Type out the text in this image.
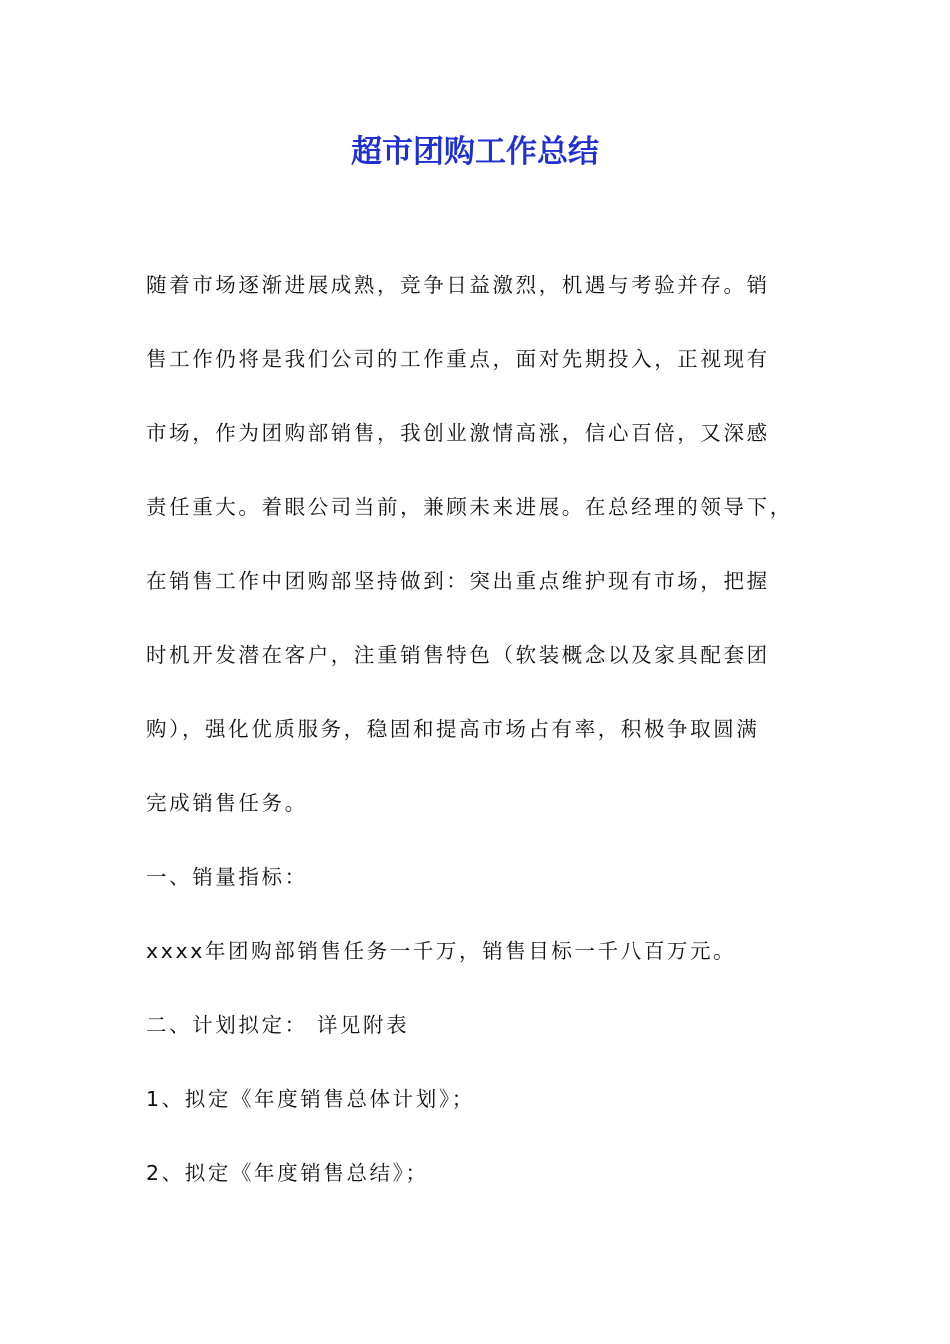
超市团购工作总结
随着市场逐渐进展成熟，竞争日益激烈，机遇与考验并存。销
售工作仍将是我们公司的工作重点，面对先期投入，正视现有
市场，作为团购部销售，我创业激情高涨，信心百倍，又深感
责任重大。着眼公司当前，兼顾未来进展。在总经理的领导下，
在销售工作中团购部坚持做到：突出重点维护现有市场，把握
时机开发潜在客户，注重销售特色（软装概念以及家具配套团
购），强化优质服务，稳固和提高市场占有率，积极争取圆满
完成销售任务。
一、销量指标：
xxxx年团购部销售任务一千万，销售目标一千八百万元。
二、计划拟定： 详见附表
1、拟定《年度销售总体计划》；
2、拟定《年度销售总结》；
